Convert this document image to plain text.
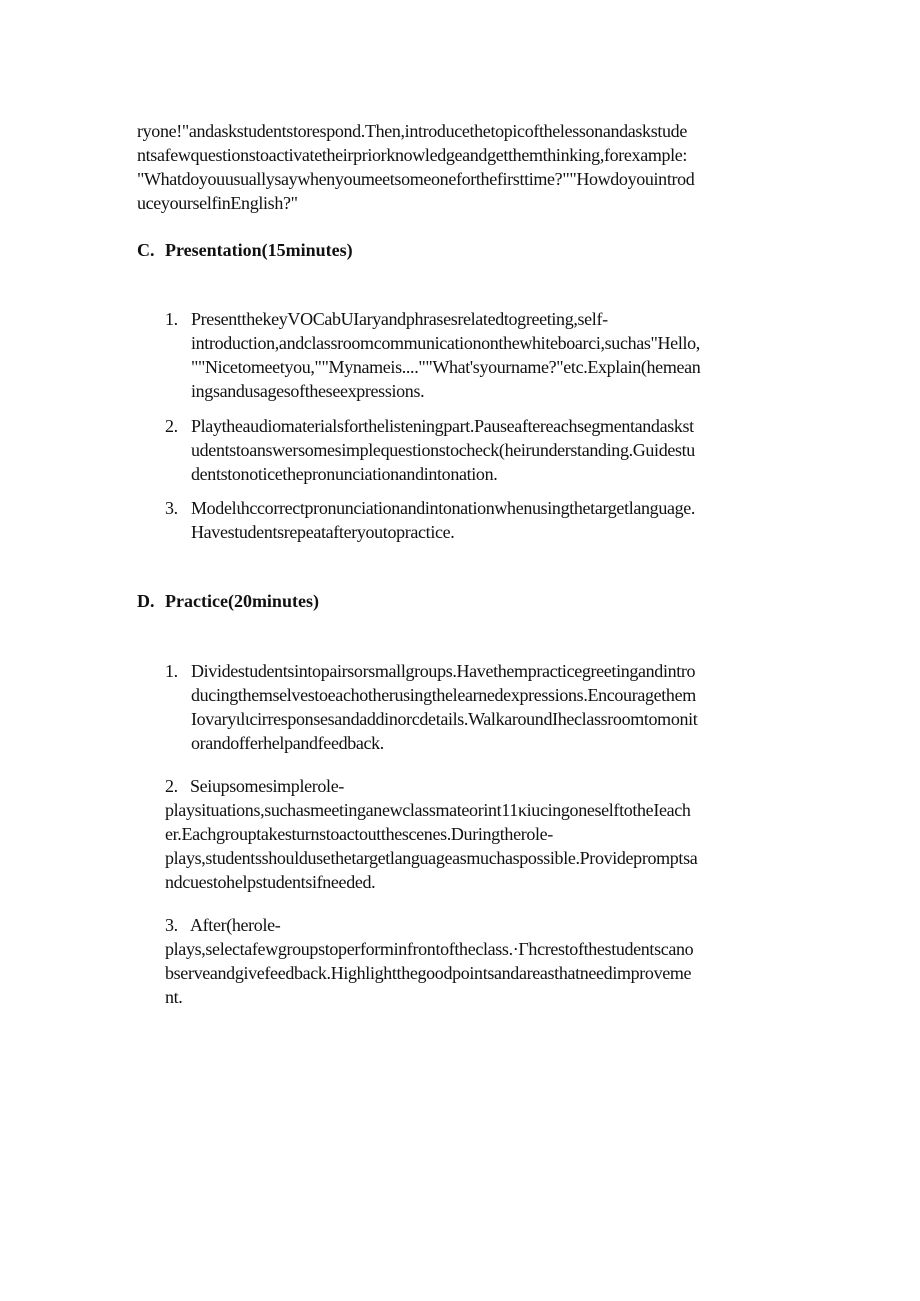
ryone!"andaskstudentstorespond.Then,introducethetopicofthelessonandaskstude
ntsafewquestionstoactivatetheirpriorknowledgeandgetthemthinking,forexample:
"Whatdoyouusuallysaywhenyoumeetsomeoneforthefirsttime?""Howdoyouintrod
uceyourselfinEnglish?"
C. Presentation(15minutes)
1. PresentthekeyVOCabUIaryandphrasesrelatedtogreeting,self-
introduction,andclassroomcommunicationonthewhiteboarci,suchas"Hello,
""Nicetomeetyou,""Mynameis....""What'syourname?"etc.Explain(hemean
ingsandusagesoftheseexpressions.
2. Playtheaudiomaterialsforthelisteningpart.Pauseaftereachsegmentandaskst
udentstoanswersomesimplequestionstocheck(heirunderstanding.Guidestu
dentstonoticethepronunciationandintonation.
3. Modelιhccorrectpronunciationandintonationwhenusingthetargetlanguage.
Havestudentsrepeatafteryoutopractice.
D. Practice(20minutes)
1. Dividestudentsintopairsorsmallgroups.Havethempracticegreetingandintro
ducingthemselvestoeachotherusingthelearnedexpressions.Encouragethem
Iovaryιlιcirresponsesandaddinorcdetails.WalkaroundIheclassroomtomonit
orandofferhelpandfeedback.
2. Seiupsomesimplerole-
playsituations,suchasmeetinganewclassmateorint11κiucingoneselftotheIeach
er.Eachgrouptakesturnstoactoutthescenes.Duringtherole-
plays,studentsshouldusethetargetlanguageasmuchaspossible.Providepromptsa
ndcuestohelpstudentsifneeded.
3. After(herole-
plays,selectafewgroupstoperforminfrontoftheclass.·Гhcrestofthestudentscano
bserveandgivefeedback.Highlightthegoodpointsandareasthatneedimproveme
nt.
